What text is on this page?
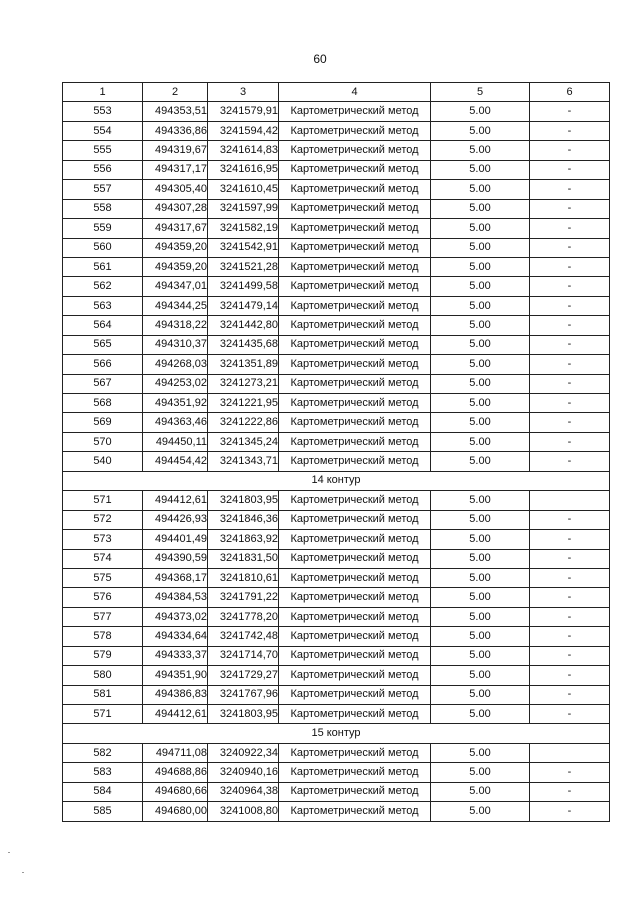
60
1	2	3	4	5	6
553	494353,51	3241579,91	Картометрический метод	5.00	-
554	494336,86	3241594,42	Картометрический метод	5.00	-
555	494319,67	3241614,83	Картометрический метод	5.00	-
556	494317,17	3241616,95	Картометрический метод	5.00	-
557	494305,40	3241610,45	Картометрический метод	5.00	-
558	494307,28	3241597,99	Картометрический метод	5.00	-
559	494317,67	3241582,19	Картометрический метод	5.00	-
560	494359,20	3241542,91	Картометрический метод	5.00	-
561	494359,20	3241521,28	Картометрический метод	5.00	-
562	494347,01	3241499,58	Картометрический метод	5.00	-
563	494344,25	3241479,14	Картометрический метод	5.00	-
564	494318,22	3241442,80	Картометрический метод	5.00	-
565	494310,37	3241435,68	Картометрический метод	5.00	-
566	494268,03	3241351,89	Картометрический метод	5.00	-
567	494253,02	3241273,21	Картометрический метод	5.00	-
568	494351,92	3241221,95	Картометрический метод	5.00	-
569	494363,46	3241222,86	Картометрический метод	5.00	-
570	494450,11	3241345,24	Картометрический метод	5.00	-
540	494454,42	3241343,71	Картометрический метод	5.00	-
14 контур					
571	494412,61	3241803,95	Картометрический метод	5.00	
572	494426,93	3241846,36	Картометрический метод	5.00	-
573	494401,49	3241863,92	Картометрический метод	5.00	-
574	494390,59	3241831,50	Картометрический метод	5.00	-
575	494368,17	3241810,61	Картометрический метод	5.00	-
576	494384,53	3241791,22	Картометрический метод	5.00	-
577	494373,02	3241778,20	Картометрический метод	5.00	-
578	494334,64	3241742,48	Картометрический метод	5.00	-
579	494333,37	3241714,70	Картометрический метод	5.00	-
580	494351,90	3241729,27	Картометрический метод	5.00	-
581	494386,83	3241767,96	Картометрический метод	5.00	-
571	494412,61	3241803,95	Картометрический метод	5.00	-
15 контур					
582	494711,08	3240922,34	Картометрический метод	5.00	
583	494688,86	3240940,16	Картометрический метод	5.00	-
584	494680,66	3240964,38	Картометрический метод	5.00	-
585	494680,00	3241008,80	Картометрический метод	5.00	-
